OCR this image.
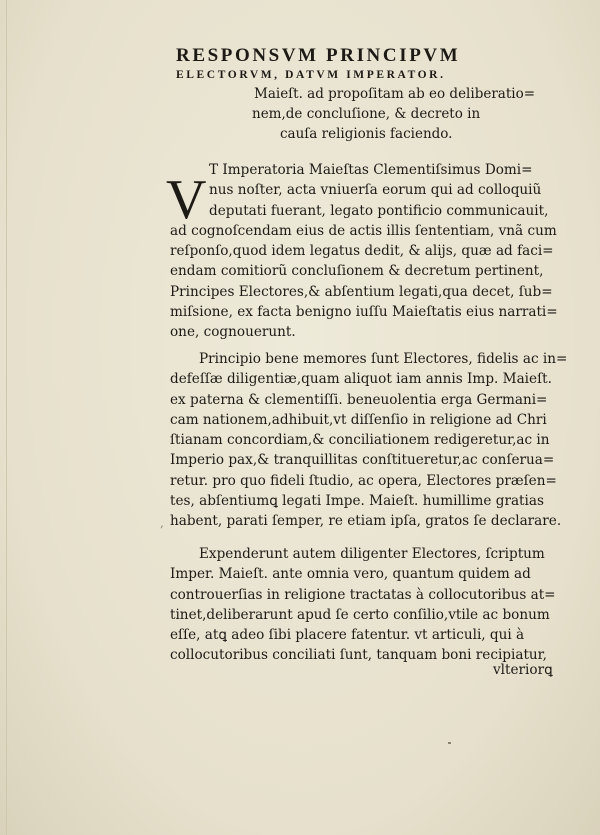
RESPONSVM PRINCIPVM
ELECTORVM, DATVM IMPERATOR.
Maieſt. ad propoſitam ab eo deliberatio=
nem,de concluſione, & decreto in
cauſa religionis faciendo.
V T Imperatoria Maieſtas Clementiſsimus Domi=
nus noſter, acta vniuerſa eorum qui ad colloquiũ
deputati fuerant, legato pontificio communicauit,
ad cognoſcendam eius de actis illis ſententiam, vnã cum
reſponſo,quod idem legatus dedit, & alijs, quæ ad faci=
endam comitiorũ concluſionem & decretum pertinent,
Principes Electores,& abſentium legati,qua decet, ſub=
miſsione, ex facta benigno iuſſu Maieſtatis eius narrati=
one, cognouerunt.
Principio bene memores ſunt Electores, fidelis ac in=
defeſſæ diligentiæ,quam aliquot iam annis Imp. Maieſt.
ex paterna & clementiſſi. beneuolentia erga Germani=
cam nationem,adhibuit,vt diſſenſio in religione ad Chri
ſtianam concordiam,& conciliationem redigeretur,ac in
Imperio pax,& tranquillitas conſtitueretur,ac conſerua=
retur. pro quo fideli ſtudio, ac opera, Electores præſen=
tes, abſentiumꝗ legati Impe. Maieſt. humillime gratias
habent, parati ſemper, re etiam ipſa, gratos ſe declarare.
,
Expenderunt autem diligenter Electores, ſcriptum
Imper. Maieſt. ante omnia vero, quantum quidem ad
controuerſias in religione tractatas à collocutoribus at=
tinet,deliberarunt apud ſe certo conſilio,vtile ac bonum
eſſe, atꝗ adeo ſibi placere fatentur. vt articuli, qui à
collocutoribus conciliati ſunt, tanquam boni recipiatur,
vlteriorꝗ
